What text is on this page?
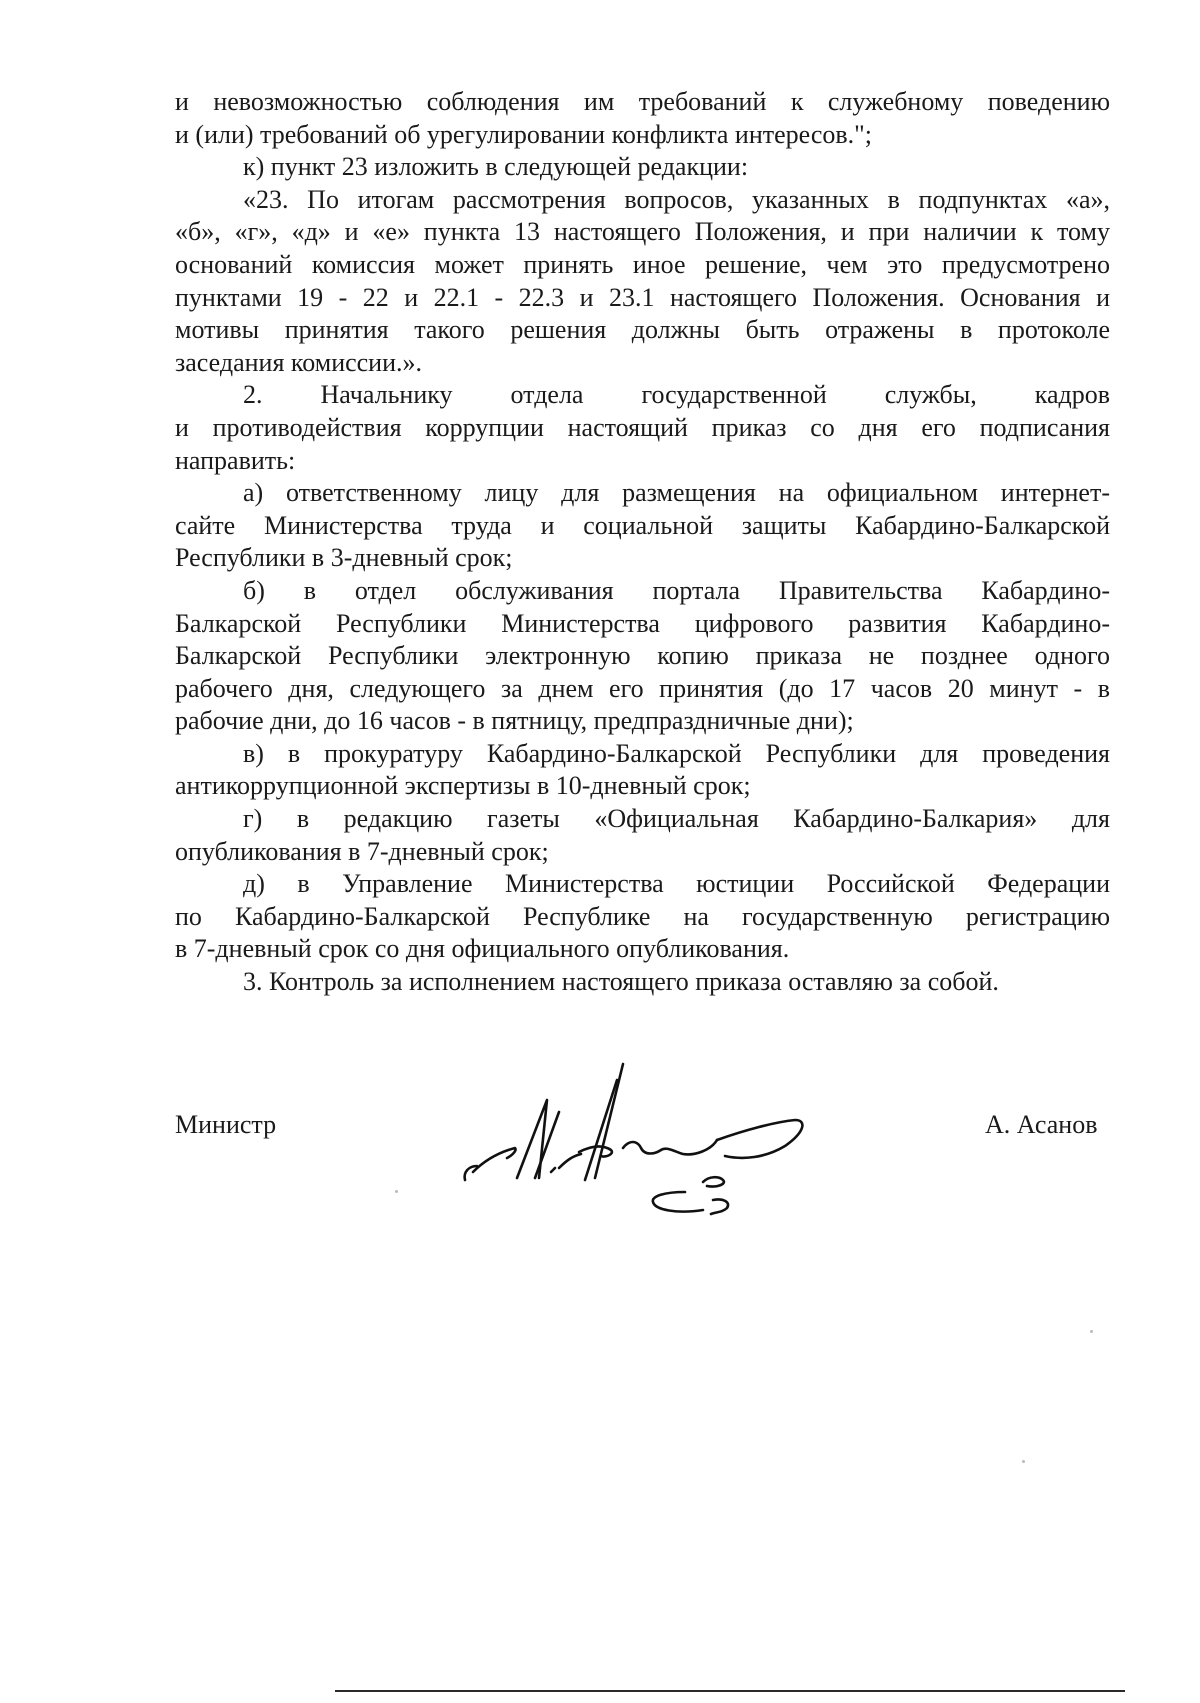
и невозможностью соблюдения им требований к служебному поведению
и (или) требований об урегулировании конфликта интересов.";
к) пункт 23 изложить в следующей редакции:
«23. По итогам рассмотрения вопросов, указанных в подпунктах «а»,
«б», «г», «д» и «е» пункта 13 настоящего Положения, и при наличии к тому
оснований комиссия может принять иное решение, чем это предусмотрено
пунктами 19 - 22 и 22.1 - 22.3 и 23.1 настоящего Положения. Основания и
мотивы принятия такого решения должны быть отражены в протоколе
заседания комиссии.».
2. Начальнику отдела государственной службы, кадров
и противодействия коррупции настоящий приказ со дня его подписания
направить:
а) ответственному лицу для размещения на официальном интернет-
сайте Министерства труда и социальной защиты Кабардино-Балкарской
Республики в 3-дневный срок;
б) в отдел обслуживания портала Правительства Кабардино-
Балкарской Республики Министерства цифрового развития Кабардино-
Балкарской Республики электронную копию приказа не позднее одного
рабочего дня, следующего за днем его принятия (до 17 часов 20 минут - в
рабочие дни, до 16 часов - в пятницу, предпраздничные дни);
в) в прокуратуру Кабардино-Балкарской Республики для проведения
антикоррупционной экспертизы в 10-дневный срок;
г) в редакцию газеты «Официальная Кабардино-Балкария» для
опубликования в 7-дневный срок;
д) в Управление Министерства юстиции Российской Федерации
по Кабардино-Балкарской Республике на государственную регистрацию
в 7-дневный срок со дня официального опубликования.
3. Контроль за исполнением настоящего приказа оставляю за собой.
Министр	А. Асанов
